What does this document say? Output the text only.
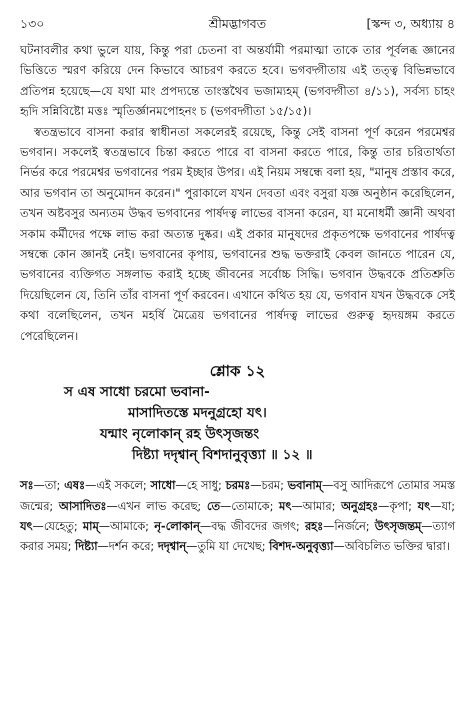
১৩০	শ্রীমদ্ভাগবত	[স্কন্দ ৩, অধ্যায় ৪

ঘটনাবলীর কথা ভুলে যায়, কিন্তু পরা চেতনা বা অন্তর্যামী পরমাত্মা তাকে তার পূর্বলব্ধ জ্ঞানের ভিত্তিতে স্মরণ করিয়ে দেন কিভাবে আচরণ করতে হবে। ভগবদ্গীতায় এই তত্ত্ব বিভিন্নভাবে প্রতিপন্ন হয়েছে—যে যথা মাং প্রপদ্যন্তে তাংস্তথৈব ভজাম্যহম্ (ভগবদ্গীতা ৪/১১), সর্বস্য চাহং হৃদি সন্নিবিষ্টো মত্তঃ স্মৃতির্জ্ঞানমপোহনং চ (ভগবদ্গীতা ১৫/১৫)।

স্বতন্ত্রভাবে বাসনা করার স্বাধীনতা সকলেরই রয়েছে, কিন্তু সেই বাসনা পূর্ণ করেন পরমেশ্বর ভগবান। সকলেই স্বতন্ত্রভাবে চিন্তা করতে পারে বা বাসনা করতে পারে, কিন্তু তার চরিতার্থতা নির্ভর করে পরমেশ্বর ভগবানের পরম ইচ্ছার উপর। এই নিয়ম সম্বন্ধে বলা হয়, "মানুষ প্রস্তাব করে, আর ভগবান তা অনুমোদন করেন।" পুরাকালে যখন দেবতা এবং বসুরা যজ্ঞ অনুষ্ঠান করেছিলেন, তখন অষ্টবসুর অন্যতম উদ্ধব ভগবানের পার্ষদত্ব লাভের বাসনা করেন, যা মনোধর্মী জ্ঞানী অথবা সকাম কর্মীদের পক্ষে লাভ করা অত্যন্ত দুষ্কর। এই প্রকার মানুষদের প্রকৃতপক্ষে ভগবানের পার্ষদত্ব সম্বন্ধে কোন জ্ঞানই নেই। ভগবানের কৃপায়, ভগবানের শুদ্ধ ভক্তরাই কেবল জানতে পারেন যে, ভগবানের ব্যক্তিগত সঙ্গলাভ করাই হচ্ছে জীবনের সর্বোচ্চ সিদ্ধি। ভগবান উদ্ধবকে প্রতিশ্রুতি দিয়েছিলেন যে, তিনি তাঁর বাসনা পূর্ণ করবেন। এখানে কথিত হয় যে, ভগবান যখন উদ্ধবকে সেই কথা বলেছিলেন, তখন মহর্ষি মৈত্রেয় ভগবানের পার্ষদত্ব লাভের গুরুত্ব হৃদয়ঙ্গম করতে পেরেছিলেন।

শ্লোক ১২
স এষ সাধো চরমো ভবানা-
মাসাদিতস্তে মদনুগ্রহো যৎ।
যন্মাং নৃলোকান্ রহ উৎসৃজন্তং
দিষ্ট্যা দদৃশ্বান্ বিশদানুবৃত্ত্যা ॥ ১২ ॥
সঃ—তা; এষঃ—এই সকলে; সাধো—হে সাধু; চরমঃ—চরম; ভবানাম্—বসু আদিরূপে তোমার সমস্ত জন্মের; আসাদিতঃ—এখন লাভ করেছ; তে—তোমাকে; মৎ—আমার; অনুগ্রহঃ—কৃপা; যৎ—যা; যৎ—যেহেতু; মাম্—আমাকে; নৃ-লোকান্—বদ্ধ জীবদের জগৎ; রহঃ—নির্জনে; উৎসৃজন্তম্—ত্যাগ করার সময়; দিষ্ট্যা—দর্শন করে; দদৃশ্বান্—তুমি যা দেখেছ; বিশদ-অনুবৃত্ত্যা—অবিচলিত ভক্তির দ্বারা।
